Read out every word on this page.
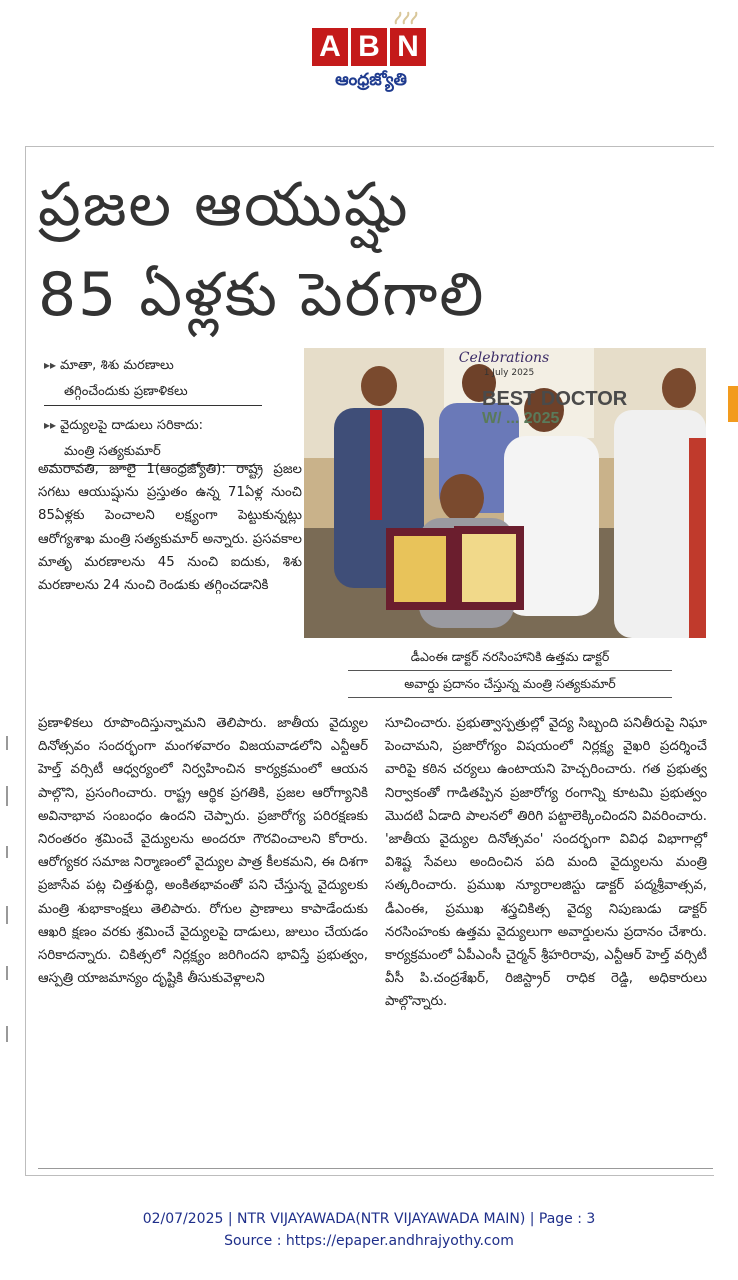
A B N
ఆంధ్రజ్యోతి
ప్రజల ఆయుష్షు
85 ఏళ్లకు పెరగాలి
▸▸ మాతా, శిశు మరణాలు
తగ్గించేందుకు ప్రణాళికలు
▸▸ వైద్యులపై దాడులు సరికాదు:
మంత్రి సత్యకుమార్
Celebrations
1 July 2025
BEST DOCTOR
W/ ... 2025
డీఎంఈ డాక్టర్ నరసింహానికి ఉత్తమ డాక్టర్
అవార్డు ప్రదానం చేస్తున్న మంత్రి సత్యకుమార్
అమరావతి, జూలై 1(ఆంధ్రజ్యోతి): రాష్ట్ర ప్రజల సగటు ఆయుష్షును ప్రస్తుతం ఉన్న 71ఏళ్ల నుంచి 85ఏళ్లకు పెంచాలని లక్ష్యంగా పెట్టుకున్నట్లు ఆరోగ్యశాఖ మంత్రి సత్యకుమార్ అన్నారు. ప్రసవకాల మాతృ మరణాలను 45 నుంచి ఐదుకు, శిశు మరణాలను 24 నుంచి రెండుకు తగ్గించడానికి
ప్రణాళికలు రూపొందిస్తున్నామని తెలిపారు. జాతీయ వైద్యుల దినోత్సవం సందర్భంగా మంగళవారం విజయవాడలోని ఎన్టీఆర్ హెల్త్ వర్సిటీ ఆధ్వర్యంలో నిర్వహించిన కార్యక్రమంలో ఆయన పాల్గొని, ప్రసంగించారు. రాష్ట్ర ఆర్థిక ప్రగతికి, ప్రజల ఆరోగ్యానికి అవినాభావ సంబంధం ఉందని చెప్పారు. ప్రజారోగ్య పరిరక్షణకు నిరంతరం శ్రమించే వైద్యులను అందరూ గౌరవించాలని కోరారు. ఆరోగ్యకర సమాజ నిర్మాణంలో వైద్యుల పాత్ర కీలకమని, ఈ దిశగా ప్రజాసేవ పట్ల చిత్తశుద్ధి, అంకితభావంతో పని చేస్తున్న వైద్యులకు మంత్రి శుభాకాంక్షలు తెలిపారు. రోగుల ప్రాణాలు కాపాడేందుకు ఆఖరి క్షణం వరకు శ్రమించే వైద్యులపై దాడులు, జులుం చేయడం సరికాదన్నారు. చికిత్సలో నిర్లక్ష్యం జరిగిందని భావిస్తే ప్రభుత్వం, ఆస్పత్రి యాజమాన్యం దృష్టికి తీసుకువెళ్లాలని
సూచించారు. ప్రభుత్వాస్పత్రుల్లో వైద్య సిబ్బంది పనితీరుపై నిఘా పెంచామని, ప్రజారోగ్యం విషయంలో నిర్లక్ష్య వైఖరి ప్రదర్శించే వారిపై కఠిన చర్యలు ఉంటాయని హెచ్చరించారు. గత ప్రభుత్వ నిర్వాకంతో గాడితప్పిన ప్రజారోగ్య రంగాన్ని కూటమి ప్రభుత్వం మొదటి ఏడాది పాలనలో తిరిగి పట్టాలెక్కించిందని వివరించారు. 'జాతీయ వైద్యుల దినోత్సవం' సందర్భంగా వివిధ విభాగాల్లో విశిష్ట సేవలు అందించిన పది మంది వైద్యులను మంత్రి సత్కరించారు. ప్రముఖ న్యూరాలజిస్టు డాక్టర్ పద్మశ్రీవాత్సవ, డీఎంఈ, ప్రముఖ శస్త్రచికిత్స వైద్య నిపుణుడు డాక్టర్ నరసింహంకు ఉత్తమ వైద్యులుగా అవార్డులను ప్రదానం చేశారు. కార్యక్రమంలో ఏపీఎంసీ చైర్మన్ శ్రీహరిరావు, ఎన్టీఆర్ హెల్త్ వర్సిటీ వీసీ పి.చంద్రశేఖర్, రిజిస్ట్రార్ రాధిక రెడ్డి, అధికారులు పాల్గొన్నారు.
02/07/2025 | NTR VIJAYAWADA(NTR VIJAYAWADA MAIN) | Page : 3
Source : https://epaper.andhrajyothy.com
